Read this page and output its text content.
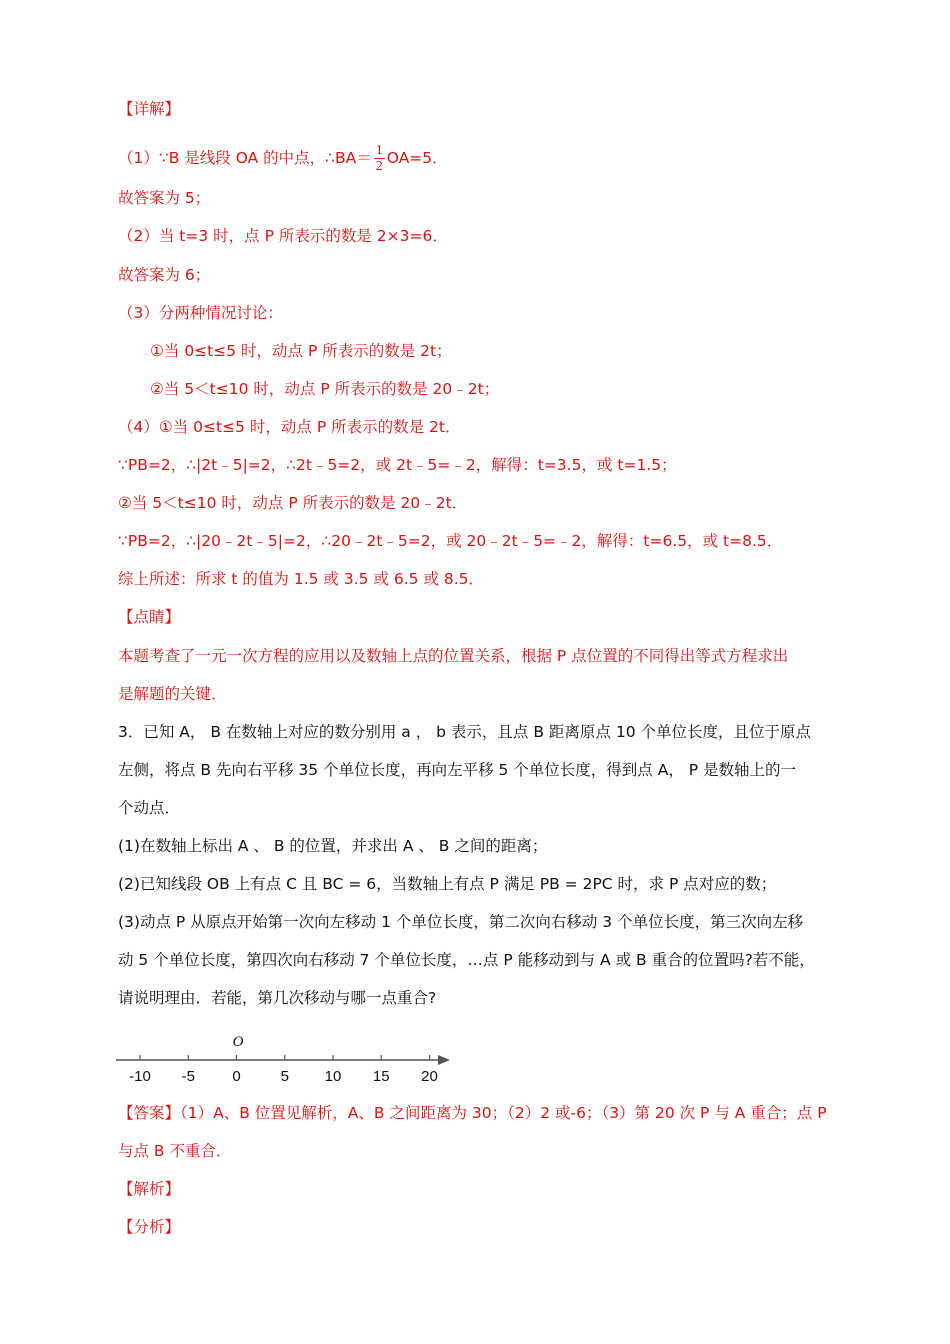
【详解】
（1）∵B 是线段 OA 的中点，∴BA＝ $\frac{1}{2} OA=5$．
故答案为 5；
（2）当 t=3 时，点 P 所表示的数是 2×3=6．
故答案为 6；
（3）分两种情况讨论：
①当 0≤t≤5 时，动点 P 所表示的数是 2t；
②当 5＜t≤10 时，动点 P 所表示的数是 20﹣2t；
（4）①当 0≤t≤5 时，动点 P 所表示的数是 2t．
∵PB=2，∴|2t﹣5|=2，∴2t﹣5=2，或 2t﹣5=﹣2，解得：t=3.5，或 t=1.5；
②当 5＜t≤10 时，动点 P 所表示的数是 20﹣2t．
∵PB=2，∴|20﹣2t﹣5|=2，∴20﹣2t﹣5=2，或 20﹣2t﹣5=﹣2，解得：t=6.5，或 t=8.5．
综上所述：所求 t 的值为 1.5 或 3.5 或 6.5 或 8.5．
【点睛】
本题考查了一元一次方程的应用以及数轴上点的位置关系，根据 P 点位置的不同得出等式方程求出
是解题的关键．
3．已知 A， B 在数轴上对应的数分别用 a ， b 表示，且点 B 距离原点 10 个单位长度，且位于原点
左侧，将点 B 先向右平移 35 个单位长度，再向左平移 5 个单位长度，得到点 A， P 是数轴上的一
个动点．
(1)在数轴上标出 A 、 B 的位置，并求出 A 、 B 之间的距离；
(2)已知线段 OB 上有点 C 且 BC = 6，当数轴上有点 P 满足 PB = 2PC 时，求 P 点对应的数；
(3)动点 P 从原点开始第一次向左移动 1 个单位长度，第二次向右移动 3 个单位长度，第三次向左移
动 5 个单位长度，第四次向右移动 7 个单位长度，…点 P 能移动到与 A 或 B 重合的位置吗?若不能，
请说明理由．若能，第几次移动与哪一点重合?
O
-10 -5 0	5 10 15 20
【答案】（1）A、B 位置见解析，A、B 之间距离为 30；（2）2 或-6；（3）第 20 次 P 与 A 重合；点 P
与点 B 不重合．
【解析】
【分析】
